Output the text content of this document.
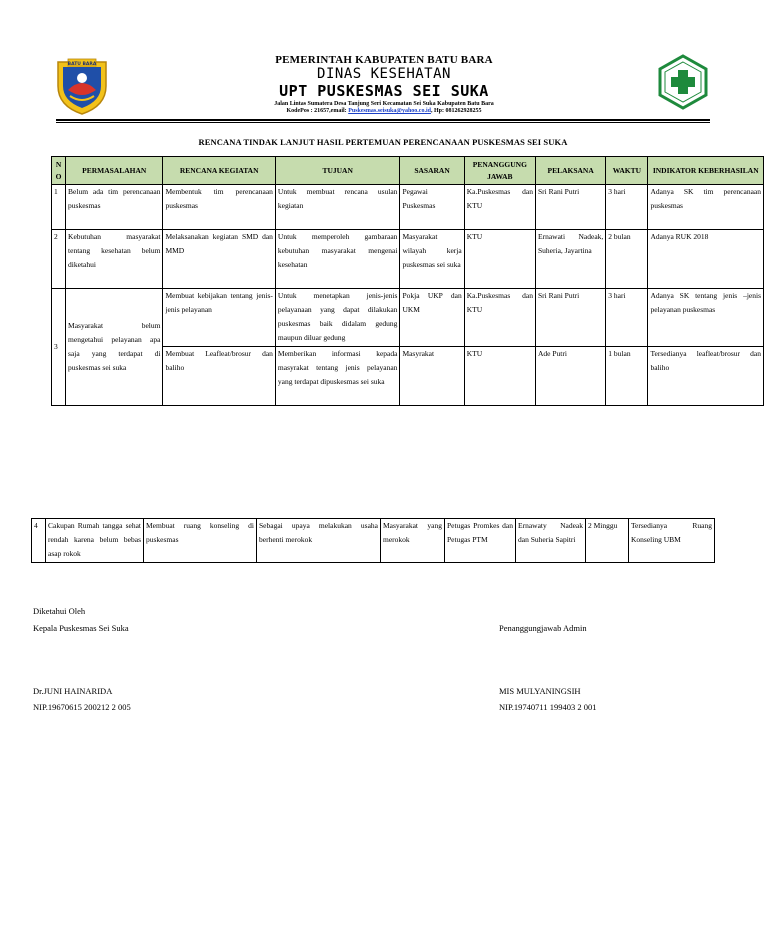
BATU BARA	PEMERINTAH KABUPATEN BATU BARA
DINAS KESEHATAN
UPT PUSKESMAS SEI SUKA
Jalan Lintas Sumatera Desa Tanjung Seri Kecamatan Sei Suka Kabupaten Batu Bara
KodePos : 21657,email: Puskesmas.seisuka@yahoo.co.id, Hp: 081262928255
RENCANA TINDAK LANJUT HASIL PERTEMUAN PERENCANAAN PUSKESMAS SEI SUKA
N O	PERMASALAHAN	RENCANA KEGIATAN	TUJUAN	SASARAN	PENANGGUNG JAWAB	PELAKSANA	WAKTU	INDIKATOR KEBERHASILAN
1	Belum ada tim perencanaan puskesmas	Membentuk tim perencanaan puskesmas	Untuk membuat rencana usulan kegiatan	Pegawai Puskesmas	Ka.Puskesmas dan KTU	Sri Rani Putri	3 hari	Adanya SK tim perencanaan puskesmas
2	Kebutuhan masyarakat tentang kesehatan belum diketahui	Melaksanakan kegiatan SMD dan MMD	Untuk memperoleh gambaraan kebutuhan masyarakat mengenai kesehatan	Masyarakat wilayah kerja puskesmas sei suka	KTU	Ernawati Nadeak, Suheria, Jayartina	2 bulan	Adanya RUK 2018
3	Masyarakat belum mengetahui pelayanan apa saja yang terdapat di puskesmas sei suka	Membuat kebijakan tentang jenis-jenis pelayanan	Untuk menetapkan jenis-jenis pelayanaan yang dapat dilakukan puskesmas baik didalam gedung maupun diluar gedung	Pokja UKP dan UKM	Ka.Puskesmas dan KTU	Sri Rani Putri	3 hari	Adanya SK tentang jenis –jenis pelayanan puskesmas
		Membuat Leafleat/brosur dan baliho	Memberikan informasi kepada masyrakat tentang jenis pelayanan yang terdapat dipuskesmas sei suka	Masyrakat	KTU	Ade Putri	1 bulan	Tersedianya leafleat/brosur dan baliho
4	Cakupan Rumah tangga sehat rendah karena belum bebas asap rokok	Membuat ruang konseling di puskesmas	Sebagai upaya melakukan usaha berhenti merokok	Masyarakat yang merokok	Petugas Promkes dan Petugas PTM	Ernawaty Nadeak dan Suheria Sapitri	2 Minggu	Tersedianya Ruang Konseling UBM
Diketahui Oleh
Kepala Puskesmas Sei Suka
Dr.JUNI HAINARIDA
NIP.19670615 200212 2 005
Penanggungjawab Admin
MIS MULYANINGSIH
NIP.19740711 199403 2 001
